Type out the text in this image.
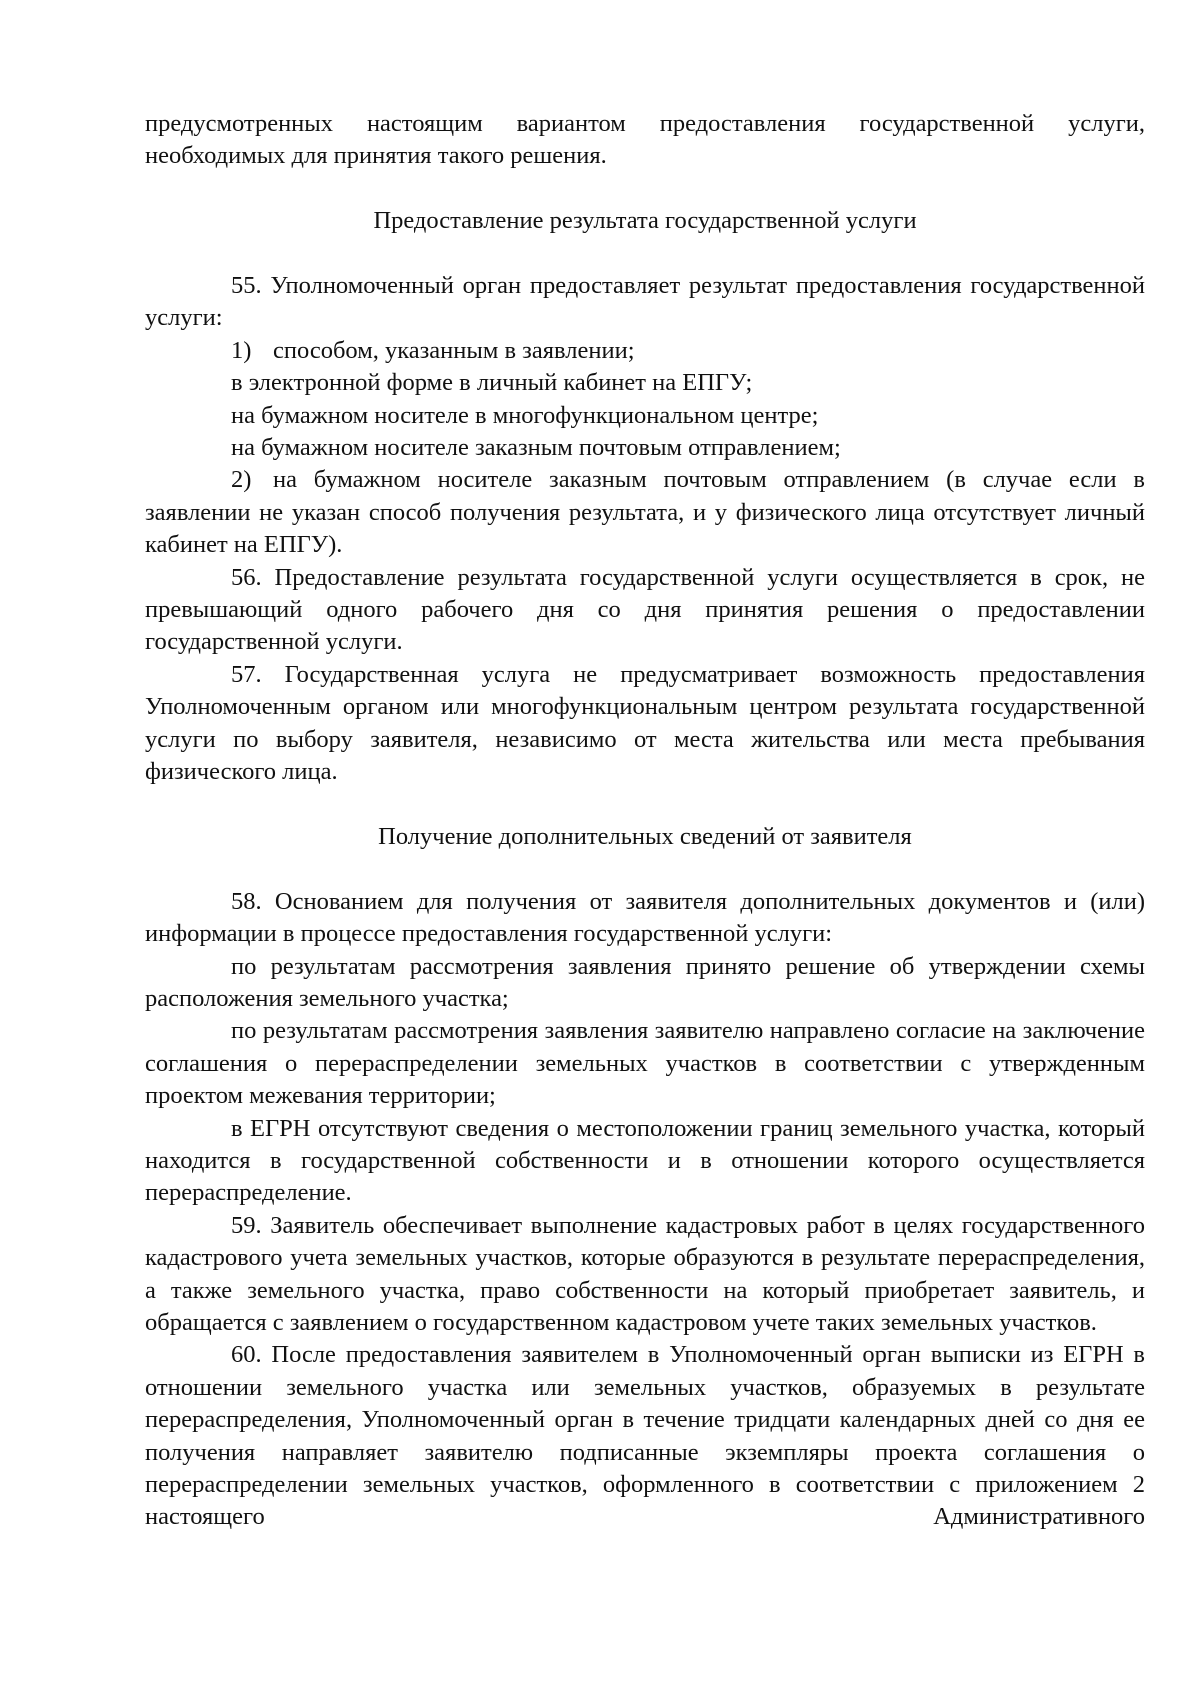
предусмотренных настоящим вариантом предоставления государственной услуги, необходимых для принятия такого решения.

Предоставление результата государственной услуги

55. Уполномоченный орган предоставляет результат предоставления государственной услуги:

1) способом, указанным в заявлении;

в электронной форме в личный кабинет на ЕПГУ;

на бумажном носителе в многофункциональном центре;

на бумажном носителе заказным почтовым отправлением;

2) на бумажном носителе заказным почтовым отправлением (в случае если в заявлении не указан способ получения результата, и у физического лица отсутствует личный кабинет на ЕПГУ).

56. Предоставление результата государственной услуги осуществляется в срок, не превышающий одного рабочего дня со дня принятия решения о предоставлении государственной услуги.

57. Государственная услуга не предусматривает возможность предоставления Уполномоченным органом или многофункциональным центром результата государственной услуги по выбору заявителя, независимо от места жительства или места пребывания физического лица.

Получение дополнительных сведений от заявителя

58. Основанием для получения от заявителя дополнительных документов и (или) информации в процессе предоставления государственной услуги:

по результатам рассмотрения заявления принято решение об утверждении схемы расположения земельного участка;

по результатам рассмотрения заявления заявителю направлено согласие на заключение соглашения о перераспределении земельных участков в соответствии с утвержденным проектом межевания территории;

в ЕГРН отсутствуют сведения о местоположении границ земельного участка, который находится в государственной собственности и в отношении которого осуществляется перераспределение.

59. Заявитель обеспечивает выполнение кадастровых работ в целях государственного кадастрового учета земельных участков, которые образуются в результате перераспределения, а также земельного участка, право собственности на который приобретает заявитель, и обращается с заявлением о государственном кадастровом учете таких земельных участков.

60. После предоставления заявителем в Уполномоченный орган выписки из ЕГРН в отношении земельного участка или земельных участков, образуемых в результате перераспределения, Уполномоченный орган в течение тридцати календарных дней со дня ее получения направляет заявителю подписанные экземпляры проекта соглашения о перераспределении земельных участков, оформленного в соответствии с приложением 2 настоящего Административного
